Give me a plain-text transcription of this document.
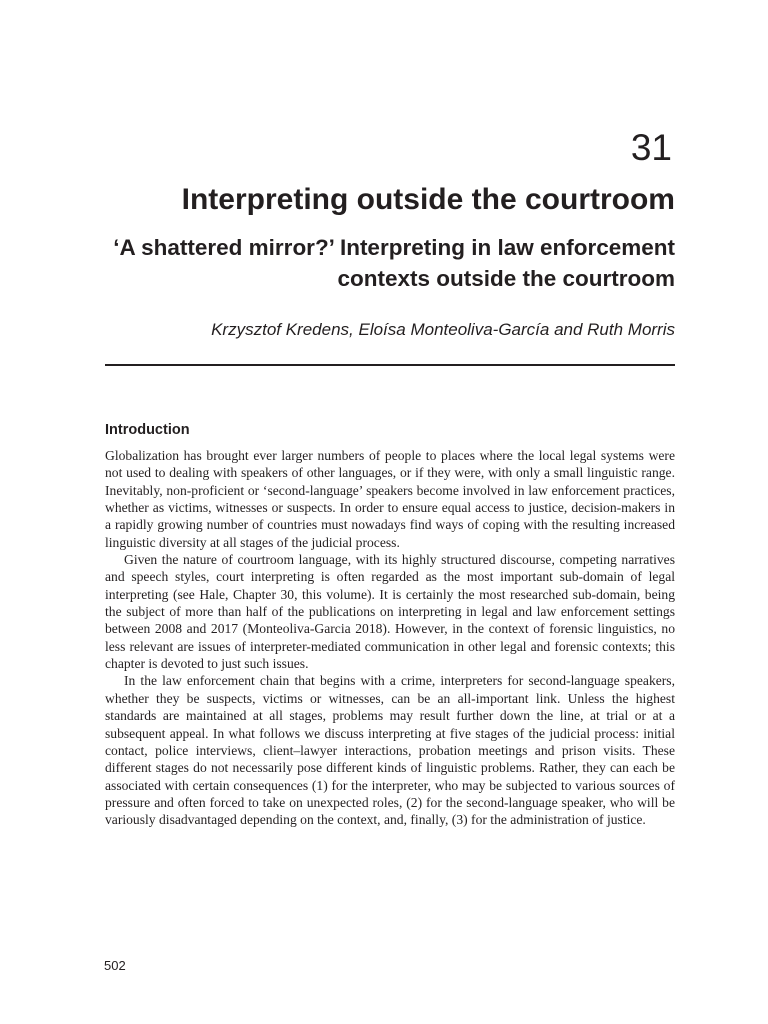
31

Interpreting outside the courtroom
‘A shattered mirror?’ Interpreting in law enforcement contexts outside the courtroom

Krzysztof Kredens, Eloísa Monteoliva-García and Ruth Morris

Introduction

Globalization has brought ever larger numbers of people to places where the local legal systems were not used to dealing with speakers of other languages, or if they were, with only a small linguistic range. Inevitably, non-proficient or ‘second-language’ speakers become involved in law enforcement practices, whether as victims, witnesses or suspects. In order to ensure equal access to justice, decision-makers in a rapidly growing number of countries must nowadays find ways of coping with the resulting increased linguistic diversity at all stages of the judicial process.

Given the nature of courtroom language, with its highly structured discourse, competing narratives and speech styles, court interpreting is often regarded as the most important sub-domain of legal interpreting (see Hale, Chapter 30, this volume). It is certainly the most researched sub-domain, being the subject of more than half of the publications on interpreting in legal and law enforcement settings between 2008 and 2017 (Monteoliva-Garcia 2018). However, in the context of forensic linguistics, no less relevant are issues of interpreter-mediated communication in other legal and forensic contexts; this chapter is devoted to just such issues.

In the law enforcement chain that begins with a crime, interpreters for second-language speakers, whether they be suspects, victims or witnesses, can be an all-important link. Unless the highest standards are maintained at all stages, problems may result further down the line, at trial or at a subsequent appeal. In what follows we discuss interpreting at five stages of the judicial process: initial contact, police interviews, client–lawyer interactions, probation meetings and prison visits. These different stages do not necessarily pose different kinds of linguistic problems. Rather, they can each be associated with certain consequences (1) for the interpreter, who may be subjected to various sources of pressure and often forced to take on unexpected roles, (2) for the second-language speaker, who will be variously disadvantaged depending on the context, and, finally, (3) for the administration of justice.

502
